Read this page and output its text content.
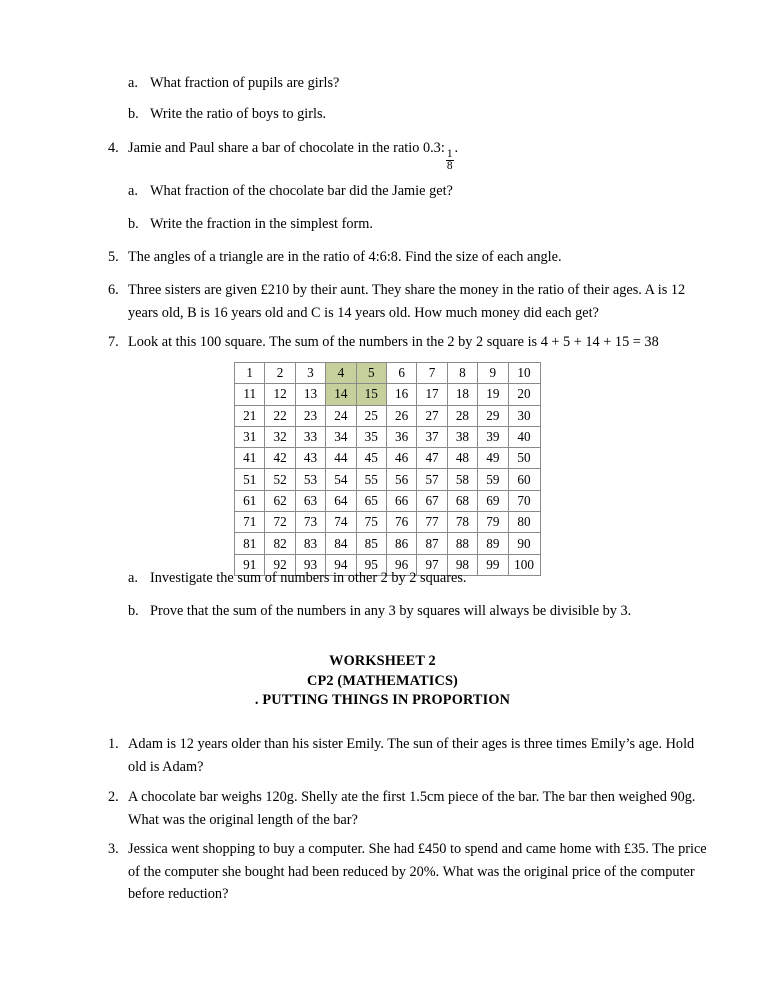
a. What fraction of pupils are girls?
b. Write the ratio of boys to girls.
4. Jamie and Paul share a bar of chocolate in the ratio 0.3:
$\frac{1}{8}$
.
a. What fraction of the chocolate bar did the Jamie get?
b. Write the fraction in the simplest form.
5. The angles of a triangle are in the ratio of 4:6:8. Find the size of each angle.
6. Three sisters are given £210 by their aunt. They share the money in the ratio of their ages. A is 12 years old, B is 16 years old and C is 14 years old. How much money did each get?
7. Look at this 100 square. The sum of the numbers in the 2 by 2 square is 4 + 5 + 14 + 15 = 38
1	2	3	4	5	6	7	8	9	10
11	12	13	14	15	16	17	18	19	20
21	22	23	24	25	26	27	28	29	30
31	32	33	34	35	36	37	38	39	40
41	42	43	44	45	46	47	48	49	50
51	52	53	54	55	56	57	58	59	60
61	62	63	64	65	66	67	68	69	70
71	72	73	74	75	76	77	78	79	80
81	82	83	84	85	86	87	88	89	90
91	92	93	94	95	96	97	98	99	100
a. Investigate the sum of numbers in other 2 by 2 squares.
b. Prove that the sum of the numbers in any 3 by squares will always be divisible by 3.
WORKSHEET 2
CP2 (MATHEMATICS)
. PUTTING THINGS IN PROPORTION
1. Adam is 12 years older than his sister Emily. The sun of their ages is three times Emily’s age. Hold old is Adam?
2. A chocolate bar weighs 120g. Shelly ate the first 1.5cm piece of the bar. The bar then weighed 90g. What was the original length of the bar?
3. Jessica went shopping to buy a computer. She had £450 to spend and came home with £35. The price of the computer she bought had been reduced by 20%. What was the original price of the computer before reduction?
